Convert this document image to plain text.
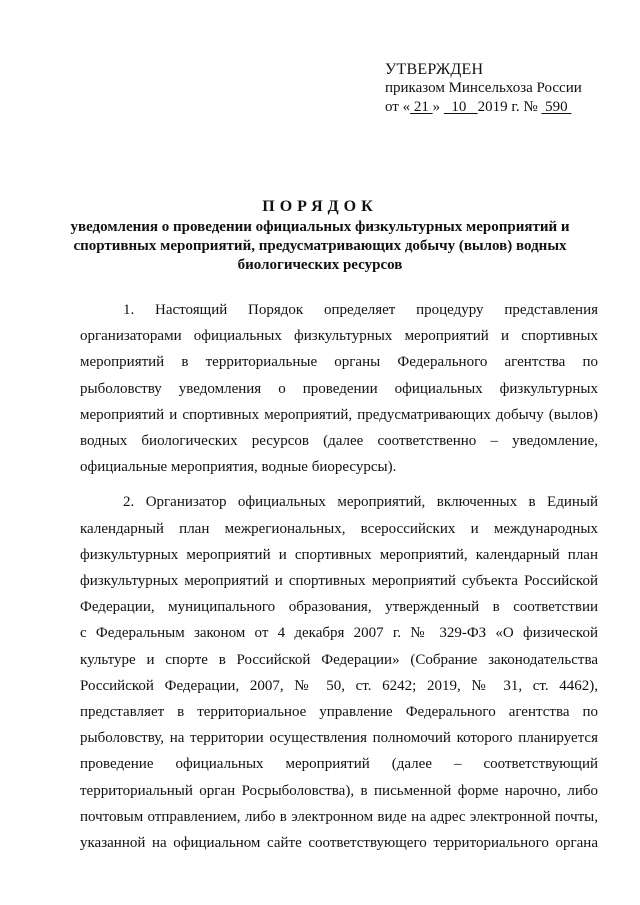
УТВЕРЖДЕН
приказом Минсельхоза России
от « 21 » 10 2019 г. № 590
ПОРЯДОК
уведомления о проведении официальных физкультурных мероприятий и
спортивных мероприятий, предусматривающих добычу (вылов) водных
биологических ресурсов
1. Настоящий Порядок определяет процедуру представления
организаторами официальных физкультурных мероприятий и спортивных
мероприятий в территориальные органы Федерального агентства по
рыболовству уведомления о проведении официальных физкультурных
мероприятий и спортивных мероприятий, предусматривающих добычу (вылов)
водных биологических ресурсов (далее соответственно – уведомление,
официальные мероприятия, водные биоресурсы).
2. Организатор официальных мероприятий, включенных в Единый
календарный план межрегиональных, всероссийских и международных
физкультурных мероприятий и спортивных мероприятий, календарный план
физкультурных мероприятий и спортивных мероприятий субъекта Российской
Федерации, муниципального образования, утвержденный в соответствии
с Федеральным законом от 4 декабря 2007 г. № 329-ФЗ «О физической
культуре и спорте в Российской Федерации» (Собрание законодательства
Российской Федерации, 2007, № 50, ст. 6242; 2019, № 31, ст. 4462),
представляет в территориальное управление Федерального агентства по
рыболовству, на территории осуществления полномочий которого планируется
проведение официальных мероприятий (далее – соответствующий
территориальный орган Росрыболовства), в письменной форме нарочно, либо
почтовым отправлением, либо в электронном виде на адрес электронной почты,
указанной на официальном сайте соответствующего территориального органа
